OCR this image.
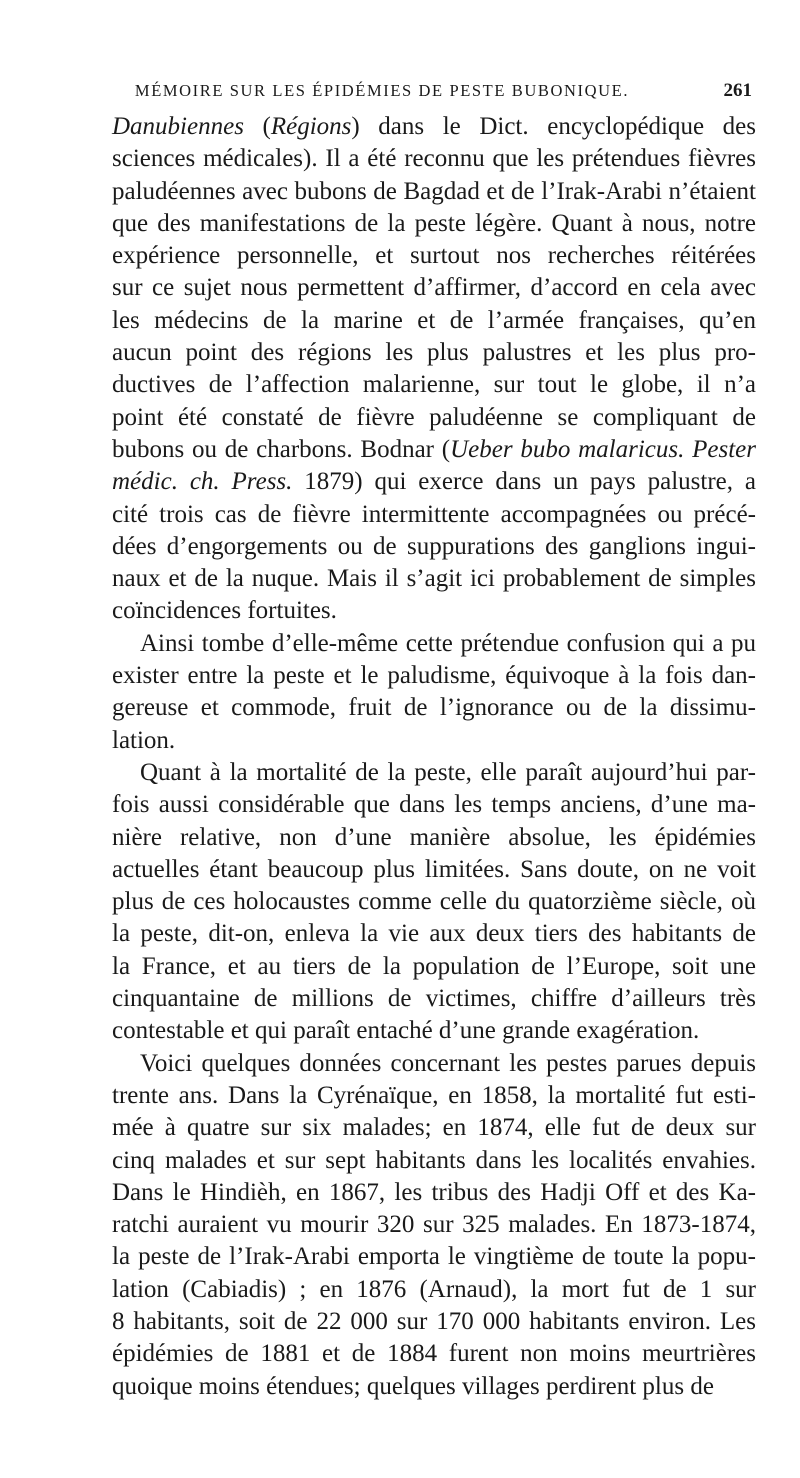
MÉMOIRE SUR LES ÉPIDÉMIES DE PESTE BUBONIQUE.	261
Danubiennes (Régions) dans le Dict. encyclopédique des
sciences médicales). Il a été reconnu que les prétendues fièvres
paludéennes avec bubons de Bagdad et de l’Irak-Arabi n’étaient
que des manifestations de la peste légère. Quant à nous, notre
expérience personnelle, et surtout nos recherches réitérées
sur ce sujet nous permettent d’affirmer, d’accord en cela avec
les médecins de la marine et de l’armée françaises, qu’en
aucun point des régions les plus palustres et les plus pro-
ductives de l’affection malarienne, sur tout le globe, il n’a
point été constaté de fièvre paludéenne se compliquant de
bubons ou de charbons. Bodnar (Ueber bubo malaricus. Pester
médic. ch. Press. 1879) qui exerce dans un pays palustre, a
cité trois cas de fièvre intermittente accompagnées ou précé-
dées d’engorgements ou de suppurations des ganglions ingui-
naux et de la nuque. Mais il s’agit ici probablement de simples
coïncidences fortuites.
Ainsi tombe d’elle-même cette prétendue confusion qui a pu
exister entre la peste et le paludisme, équivoque à la fois dan-
gereuse et commode, fruit de l’ignorance ou de la dissimu-
lation.
Quant à la mortalité de la peste, elle paraît aujourd’hui par-
fois aussi considérable que dans les temps anciens, d’une ma-
nière relative, non d’une manière absolue, les épidémies
actuelles étant beaucoup plus limitées. Sans doute, on ne voit
plus de ces holocaustes comme celle du quatorzième siècle, où
la peste, dit-on, enleva la vie aux deux tiers des habitants de
la France, et au tiers de la population de l’Europe, soit une
cinquantaine de millions de victimes, chiffre d’ailleurs très
contestable et qui paraît entaché d’une grande exagération.
Voici quelques données concernant les pestes parues depuis
trente ans. Dans la Cyrénaïque, en 1858, la mortalité fut esti-
mée à quatre sur six malades; en 1874, elle fut de deux sur
cinq malades et sur sept habitants dans les localités envahies.
Dans le Hindièh, en 1867, les tribus des Hadji Off et des Ka-
ratchi auraient vu mourir 320 sur 325 malades. En 1873-1874,
la peste de l’Irak-Arabi emporta le vingtième de toute la popu-
lation (Cabiadis) ; en 1876 (Arnaud), la mort fut de 1 sur
8 habitants, soit de 22 000 sur 170 000 habitants environ. Les
épidémies de 1881 et de 1884 furent non moins meurtrières
quoique moins étendues; quelques villages perdirent plus de
